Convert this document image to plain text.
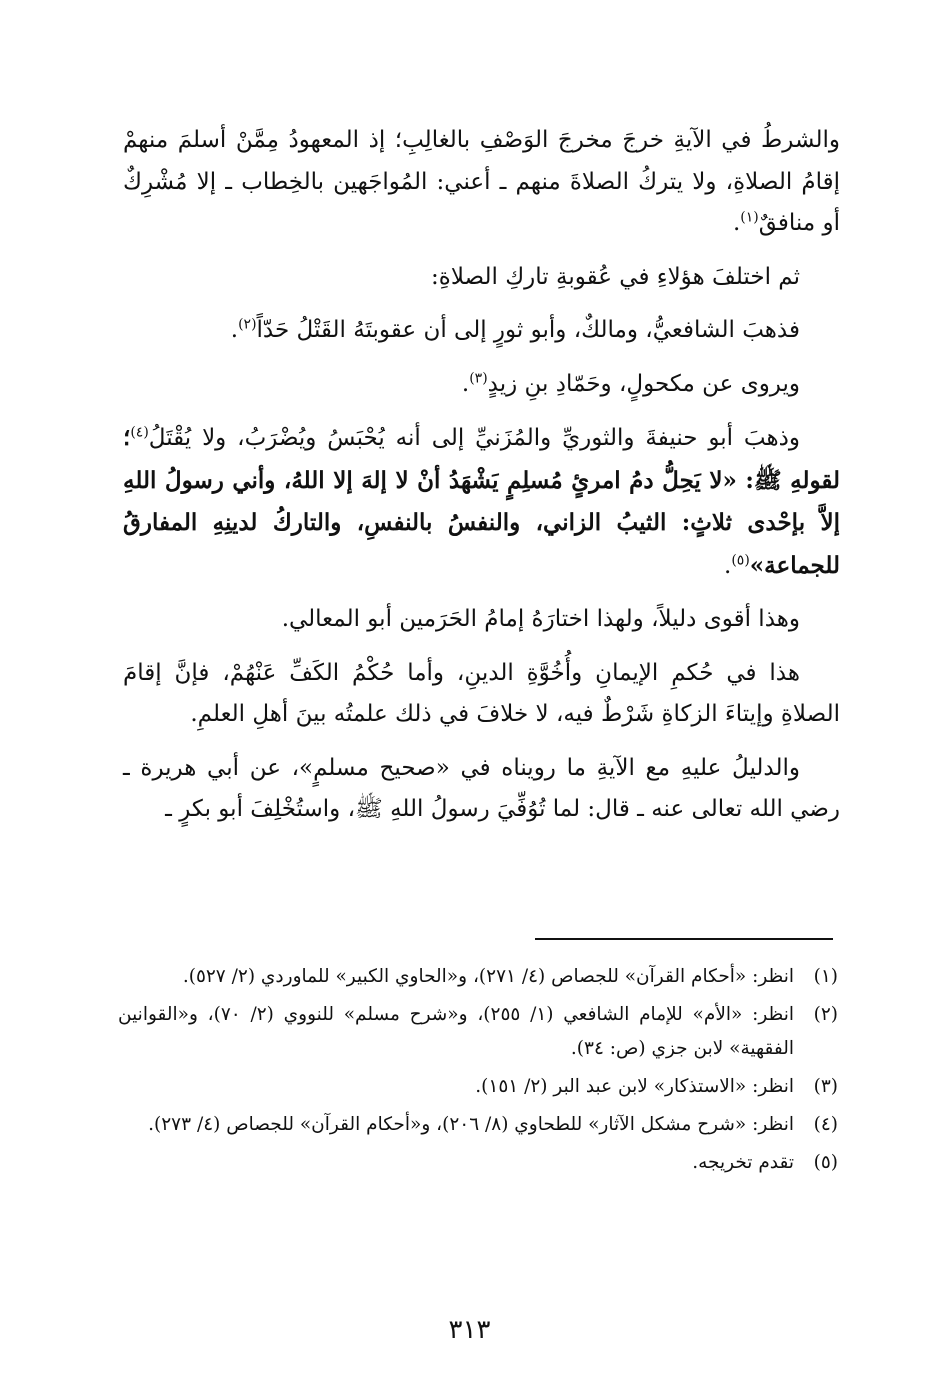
والشرطُ في الآيةِ خرجَ مخرجَ الوَصْفِ بالغالِبِ؛ إذ المعهودُ مِمَّنْ أسلمَ منهمْ إقامُ الصلاةِ، ولا يتركُ الصلاةَ منهم ـ أعني: المُواجَهين بالخِطاب ـ إلا مُشْرِكٌ أو منافقٌ$^{(١)}$.

ثم اختلفَ هؤلاءِ في عُقوبةِ تاركِ الصلاةِ:

فذهبَ الشافعيُّ، ومالكٌ، وأبو ثورٍ إلى أن عقوبتَهُ القَتْلُ حَدّاً$^{(٢)}$.

ويروى عن مكحولٍ، وحَمّادِ بنِ زيدٍ$^{(٣)}$.

وذهبَ أبو حنيفةَ والثوريِّ والمُزَنيِّ إلى أنه يُحْبَسُ ويُضْرَبُ، ولا يُقْتَلُ$^{(٤)}$؛ لقولهِ ﷺ: «لا يَحِلُّ دمُ امرئٍ مُسلِمٍ يَشْهَدُ أنْ لا إلهَ إلا اللهُ، وأني رسولُ اللهِ إلاَّ بإحْدى ثلاثٍ: الثيبُ الزاني، والنفسُ بالنفسِ، والتاركُ لدينِهِ المفارقُ للجماعة»$^{(٥)}$.

وهذا أقوى دليلاً، ولهذا اختارَهُ إمامُ الحَرَمين أبو المعالي.

هذا في حُكمِ الإيمانِ وأُخُوَّةِ الدينِ، وأما حُكْمُ الكَفِّ عَنْهُمْ، فإنَّ إقامَ الصلاةِ وإيتاءَ الزكاةِ شَرْطٌ فيه، لا خلافَ في ذلك علمتُه بينَ أهلِ العلمِ.

والدليلُ عليهِ مع الآيةِ ما رويناه في «صحيح مسلمٍ»، عن أبي هريرة ـ رضي الله تعالى عنه ـ قال: لما تُوُفِّيَ رسولُ اللهِ ﷺ، واستُخْلِفَ أبو بكرٍ ـ

(١)
انظر: «أحكام القرآن» للجصاص (٤/ ٢٧١)، و«الحاوي الكبير» للماوردي (٢/ ٥٢٧).
(٢)
انظر: «الأم» للإمام الشافعي (١/ ٢٥٥)، و«شرح مسلم» للنووي (٢/ ٧٠)، و«القوانين الفقهية» لابن جزي (ص: ٣٤).
(٣)
انظر: «الاستذكار» لابن عبد البر (٢/ ١٥١).
(٤)
انظر: «شرح مشكل الآثار» للطحاوي (٨/ ٢٠٦)، و«أحكام القرآن» للجصاص (٤/ ٢٧٣).
(٥)
تقدم تخريجه.
٣١٣
